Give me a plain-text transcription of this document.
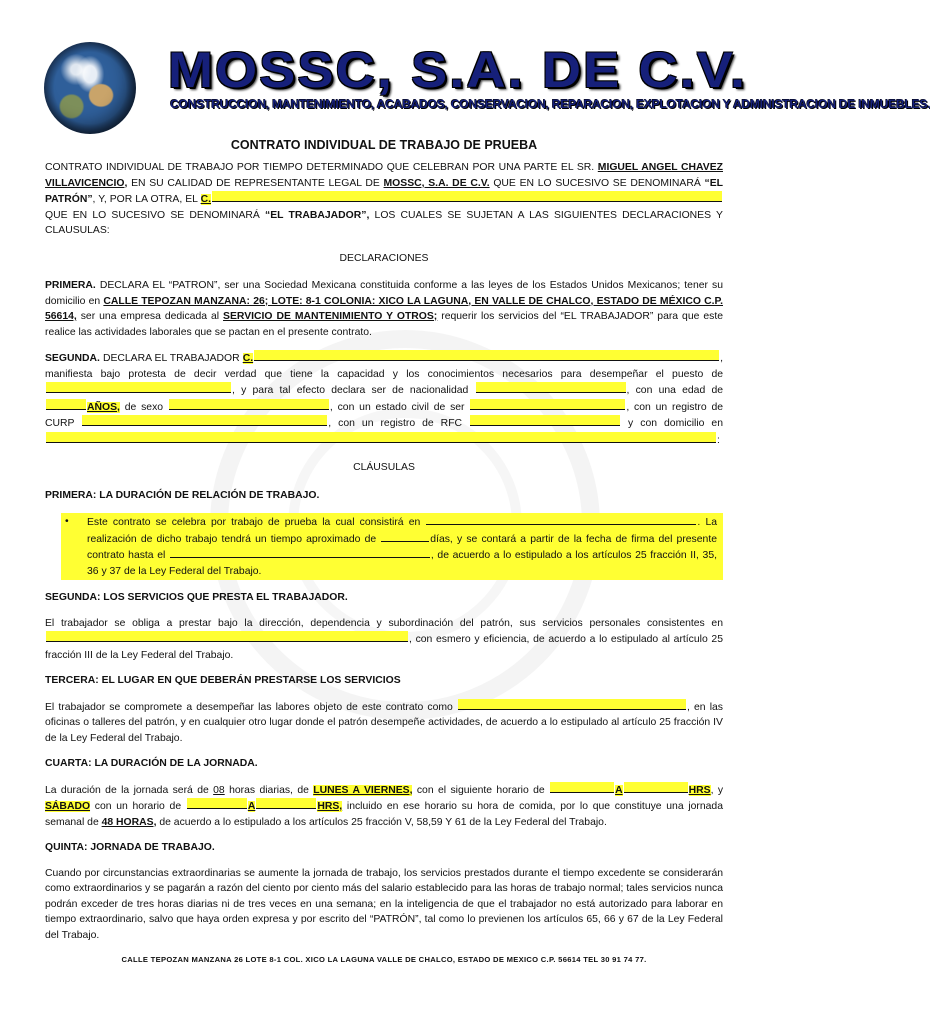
MOSSC, S.A. DE C.V.
CONSTRUCCION, MANTENIMIENTO, ACABADOS, CONSERVACION, REPARACION, EXPLOTACION Y ADMINISTRACION DE INMUEBLES.
CONTRATO INDIVIDUAL DE TRABAJO DE PRUEBA

CONTRATO INDIVIDUAL DE TRABAJO POR TIEMPO DETERMINADO QUE CELEBRAN POR UNA PARTE EL SR. MIGUEL ANGEL CHAVEZ VILLAVICENCIO, EN SU CALIDAD DE REPRESENTANTE LEGAL DE MOSSC, S.A. DE C.V. QUE EN LO SUCESIVO SE DENOMINARÁ “EL PATRÓN”, Y, POR LA OTRA, EL C. QUE EN LO SUCESIVO SE DENOMINARÁ “EL TRABAJADOR”, LOS CUALES SE SUJETAN A LAS SIGUIENTES DECLARACIONES Y CLAUSULAS:

DECLARACIONES

PRIMERA. DECLARA EL “PATRON”, ser una Sociedad Mexicana constituida conforme a las leyes de los Estados Unidos Mexicanos; tener su domicilio en CALLE TEPOZAN MANZANA: 26; LOTE: 8-1 COLONIA: XICO LA LAGUNA, EN VALLE DE CHALCO, ESTADO DE MÉXICO C.P. 56614, ser una empresa dedicada al SERVICIO DE MANTENIMIENTO Y OTROS; requerir los servicios del “EL TRABAJADOR” para que este realice las actividades laborales que se pactan en el presente contrato.

SEGUNDA. DECLARA EL TRABAJADOR C.	, manifiesta bajo protesta de decir verdad que tiene la capacidad y los conocimientos necesarios para desempeñar el puesto de , y para tal efecto declara ser de nacionalidad	, con una edad de AÑOS, de sexo	, con un estado civil de ser	, con un registro de CURP	, con un registro de RFC	y con domicilio en :

CLÁUSULAS
PRIMERA: LA DURACIÓN DE RELACIÓN DE TRABAJO.
•	Este contrato se celebra por trabajo de prueba la cual consistirá en	. La realización de dicho trabajo tendrá un tiempo aproximado de	días, y se contará a partir de la fecha de firma del presente contrato hasta el	, de acuerdo a lo estipulado a los artículos 25 fracción II, 35, 36 y 37 de la Ley Federal del Trabajo.
SEGUNDA: LOS SERVICIOS QUE PRESTA EL TRABAJADOR.

El trabajador se obliga a prestar bajo la dirección, dependencia y subordinación del patrón, sus servicios personales consistentes en , con esmero y eficiencia, de acuerdo a lo estipulado al artículo 25 fracción III de la Ley Federal del Trabajo.

TERCERA: EL LUGAR EN QUE DEBERÁN PRESTARSE LOS SERVICIOS

El trabajador se compromete a desempeñar las labores objeto de este contrato como	, en las oficinas o talleres del patrón, y en cualquier otro lugar donde el patrón desempeñe actividades, de acuerdo a lo estipulado al artículo 25 fracción IV de la Ley Federal del Trabajo.

CUARTA: LA DURACIÓN DE LA JORNADA.

La duración de la jornada será de 08 horas diarias, de LUNES A VIERNES, con el siguiente horario de	A	HRS, y SÁBADO con un horario de	A	HRS, incluido en ese horario su hora de comida, por lo que constituye una jornada semanal de 48 HORAS, de acuerdo a lo estipulado a los artículos 25 fracción V, 58,59 Y 61 de la Ley Federal del Trabajo.

QUINTA: JORNADA DE TRABAJO.

Cuando por circunstancias extraordinarias se aumente la jornada de trabajo, los servicios prestados durante el tiempo excedente se considerarán como extraordinarios y se pagarán a razón del ciento por ciento más del salario establecido para las horas de trabajo normal; tales servicios nunca podrán exceder de tres horas diarias ni de tres veces en una semana; en la inteligencia de que el trabajador no está autorizado para laborar en tiempo extraordinario, salvo que haya orden expresa y por escrito del “PATRÓN”, tal como lo previenen los artículos 65, 66 y 67 de la Ley Federal del Trabajo.

CALLE TEPOZAN MANZANA 26 LOTE 8-1 COL. XICO LA LAGUNA VALLE DE CHALCO, ESTADO DE MEXICO C.P. 56614 TEL 30 91 74 77.
